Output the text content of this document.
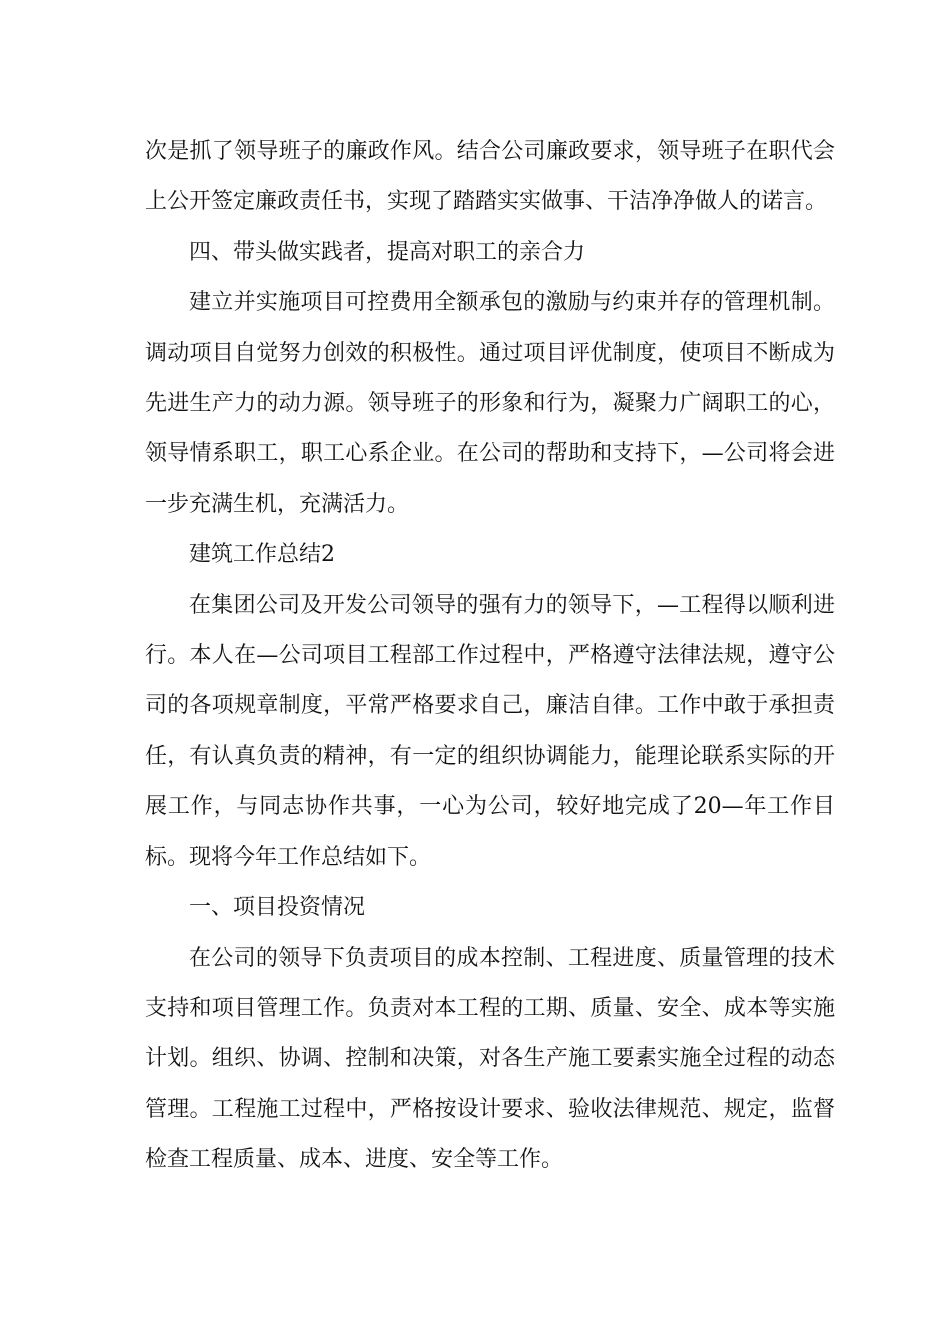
次是抓了领导班子的廉政作风。结合公司廉政要求，领导班子在职代会上公开签定廉政责任书，实现了踏踏实实做事、干洁净净做人的诺言。

四、带头做实践者，提高对职工的亲合力

建立并实施项目可控费用全额承包的激励与约束并存的管理机制。调动项目自觉努力创效的积极性。通过项目评优制度，使项目不断成为先进生产力的动力源。领导班子的形象和行为，凝聚力广阔职工的心，领导情系职工，职工心系企业。在公司的帮助和支持下，—公司将会进一步充满生机，充满活力。

建筑工作总结2

在集团公司及开发公司领导的强有力的领导下，—工程得以顺利进行。本人在—公司项目工程部工作过程中，严格遵守法律法规，遵守公司的各项规章制度，平常严格要求自己，廉洁自律。工作中敢于承担责任，有认真负责的精神，有一定的组织协调能力，能理论联系实际的开展工作，与同志协作共事，一心为公司，较好地完成了20—年工作目标。现将今年工作总结如下。

一、项目投资情况

在公司的领导下负责项目的成本控制、工程进度、质量管理的技术支持和项目管理工作。负责对本工程的工期、质量、安全、成本等实施计划。组织、协调、控制和决策，对各生产施工要素实施全过程的动态管理。工程施工过程中，严格按设计要求、验收法律规范、规定，监督检查工程质量、成本、进度、安全等工作。
